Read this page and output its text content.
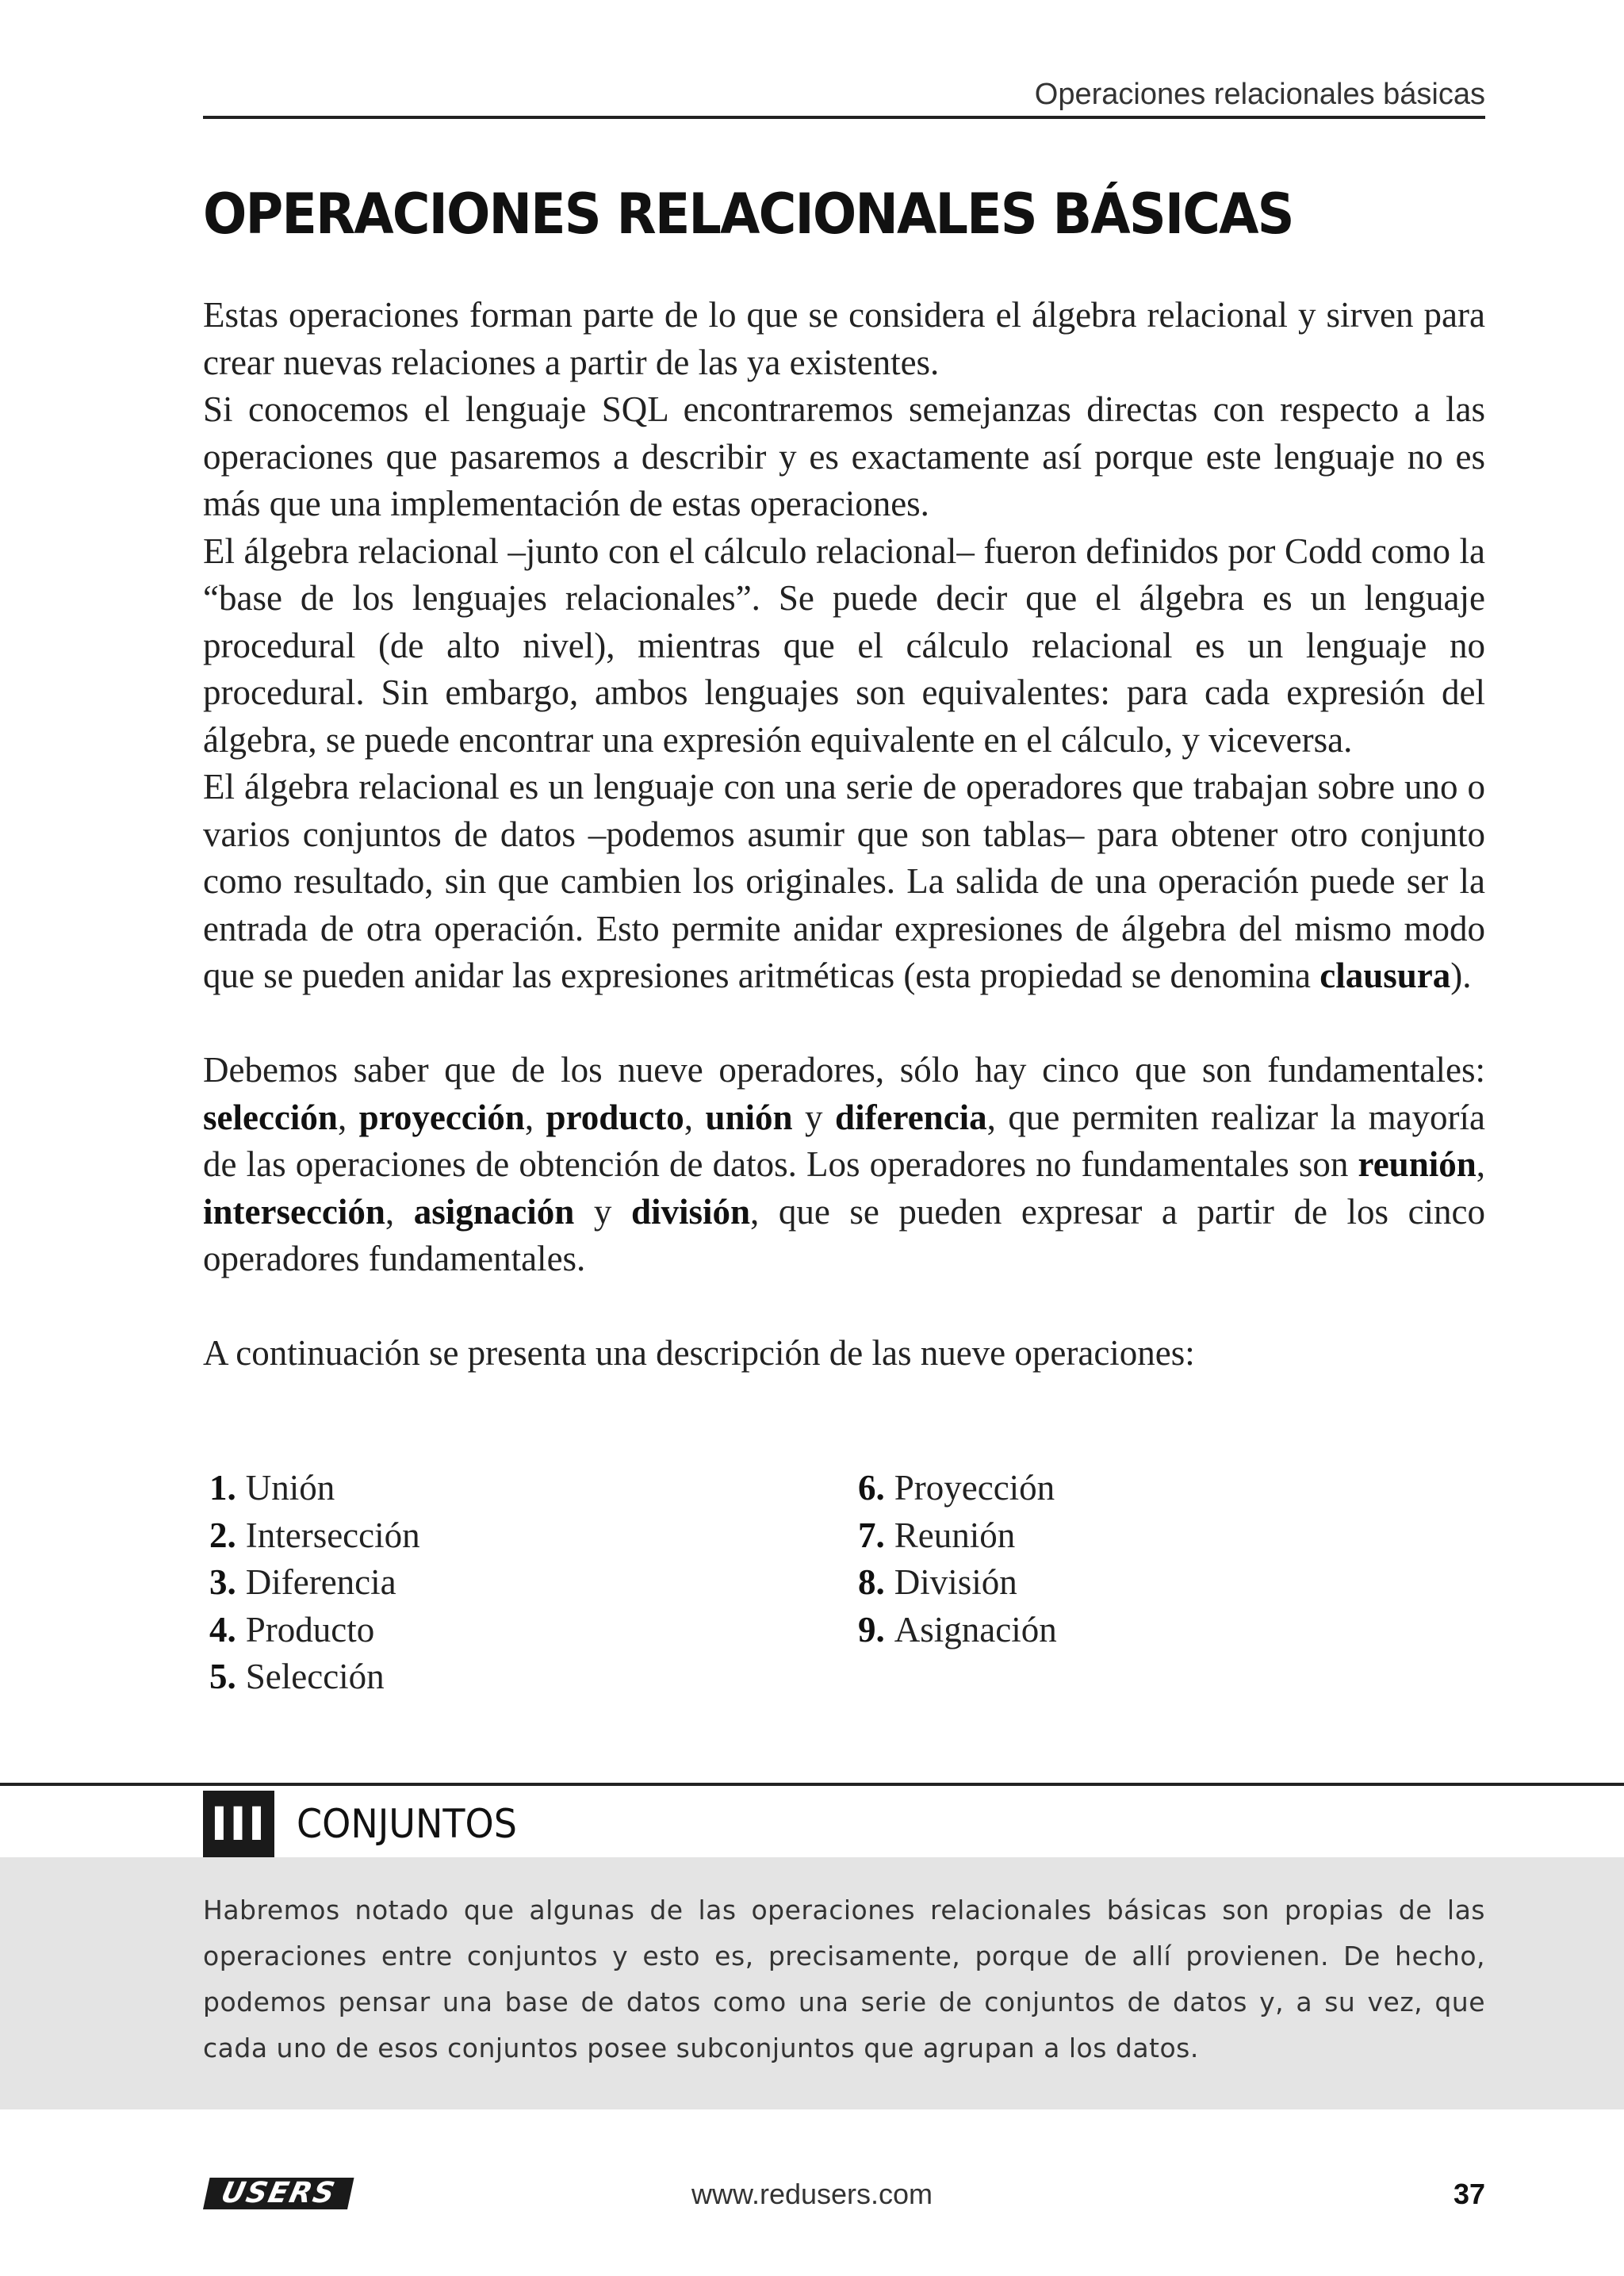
Operaciones relacionales básicas
OPERACIONES RELACIONALES BÁSICAS

Estas operaciones forman parte de lo que se considera el álgebra relacional y sirven para crear nuevas relaciones a partir de las ya existentes.

Si conocemos el lenguaje SQL encontraremos semejanzas directas con respecto a las operaciones que pasaremos a describir y es exactamente así porque este lenguaje no es más que una implementación de estas operaciones.

El álgebra relacional –junto con el cálculo relacional– fueron definidos por Codd como la “base de los lenguajes relacionales”. Se puede decir que el álgebra es un lenguaje procedural (de alto nivel), mientras que el cálculo relacional es un lenguaje no procedural. Sin embargo, ambos lenguajes son equivalentes: para cada expresión del álgebra, se puede encontrar una expresión equivalente en el cálculo, y viceversa.

El álgebra relacional es un lenguaje con una serie de operadores que trabajan sobre uno o varios conjuntos de datos –podemos asumir que son tablas– para obtener otro conjunto como resultado, sin que cambien los originales. La salida de una operación puede ser la entrada de otra operación. Esto permite anidar expresiones de álgebra del mismo modo que se pueden anidar las expresiones aritméticas (esta propiedad se denomina clausura).

Debemos saber que de los nueve operadores, sólo hay cinco que son fundamentales: selección, proyección, producto, unión y diferencia, que permiten realizar la mayoría de las operaciones de obtención de datos. Los operadores no fundamentales son reunión, intersección, asignación y división, que se pueden expresar a partir de los cinco operadores fundamentales.

A continuación se presenta una descripción de las nueve operaciones:

1. Unión
2. Intersección
3. Diferencia
4. Producto
5. Selección
6. Proyección
7. Reunión
8. División
9. Asignación
III CONJUNTOS

Habremos notado que algunas de las operaciones relacionales básicas son propias de las operaciones entre conjuntos y esto es, precisamente, porque de allí provienen. De hecho, podemos pensar una base de datos como una serie de conjuntos de datos y, a su vez, que cada uno de esos conjuntos posee subconjuntos que agrupan a los datos.

USERS	www.redusers.com	37
